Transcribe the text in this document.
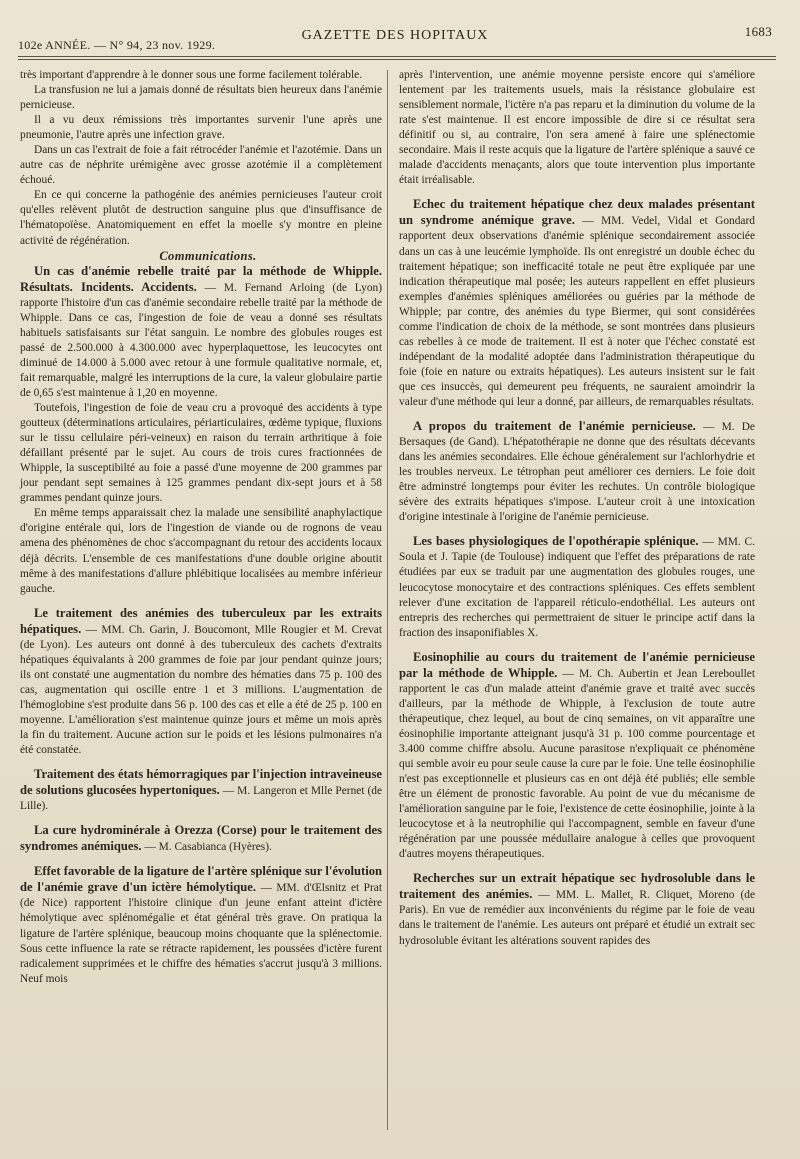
102e ANNÉE. — N° 94, 23 nov. 1929.
GAZETTE DES HOPITAUX	1683

très important d'apprendre à le donner sous une forme facilement tolérable.

La transfusion ne lui a jamais donné de résultats bien heureux dans l'anémie pernicieuse.

Il a vu deux rémissions très importantes survenir l'une après une pneumonie, l'autre après une infection grave.

Dans un cas l'extrait de foie a fait rétrocéder l'anémie et l'azotémie. Dans un autre cas de néphrite urémigène avec grosse azotémie il a complètement échoué.

En ce qui concerne la pathogénie des anémies pernicieuses l'auteur croit qu'elles relèvent plutôt de destruction sanguine plus que d'insuffisance de l'hématopoïèse. Anatomiquement en effet la moelle s'y montre en pleine activité de régénération.

Communications.

Un cas d'anémie rebelle traité par la méthode de Whipple. Résultats. Incidents. Accidents. — M. Fernand Arloing (de Lyon) rapporte l'histoire d'un cas d'anémie secondaire rebelle traité par la méthode de Whipple. Dans ce cas, l'ingestion de foie de veau a donné ses résultats habituels satisfaisants sur l'état sanguin. Le nombre des globules rouges est passé de 2.500.000 à 4.300.000 avec hyperplaquettose, les leucocytes ont diminué de 14.000 à 5.000 avec retour à une formule qualitative normale, et, fait remarquable, malgré les interruptions de la cure, la valeur globulaire partie de 0,65 s'est maintenue à 1,20 en moyenne.

Toutefois, l'ingestion de foie de veau cru a provoqué des accidents à type goutteux (déterminations articulaires, périarticulaires, œdème typique, fluxions sur le tissu cellulaire péri-veineux) en raison du terrain arthritique à foie défaillant présenté par le sujet. Au cours de trois cures fractionnées de Whipple, la susceptibilté au foie a passé d'une moyenne de 200 grammes par jour pendant sept semaines à 125 grammes pendant dix-sept jours et à 58 grammes pendant quinze jours.

En même temps apparaissait chez la malade une sensibilité anaphylactique d'origine entérale qui, lors de l'ingestion de viande ou de rognons de veau amena des phénomènes de choc s'accompagnant du retour des accidents locaux déjà décrits. L'ensemble de ces manifestations d'une double origine aboutit même à des manifestations d'allure phlébitique localisées au membre inférieur gauche.

Le traitement des anémies des tuberculeux par les extraits hépatiques. — MM. Ch. Garin, J. Boucomont, Mlle Rougier et M. Crevat (de Lyon). Les auteurs ont donné à des tuberculeux des cachets d'extraits hépatiques équivalants à 200 grammes de foie par jour pendant quinze jours; ils ont constaté une augmentation du nombre des hématies dans 75 p. 100 des cas, augmentation qui oscille entre 1 et 3 millions. L'augmentation de l'hémoglobine s'est produite dans 56 p. 100 des cas et elle a été de 25 p. 100 en moyenne. L'amélioration s'est maintenue quinze jours et même un mois après la fin du traitement. Aucune action sur le poids et les lésions pulmonaires n'a été constatée.

Traitement des états hémorragiques par l'injection intraveineuse de solutions glucosées hypertoniques. — M. Langeron et Mlle Pernet (de Lille).

La cure hydrominérale à Orezza (Corse) pour le traitement des syndromes anémiques. — M. Casabianca (Hyères).

Effet favorable de la ligature de l'artère splénique sur l'évolution de l'anémie grave d'un ictère hémolytique. — MM. d'Œlsnitz et Prat (de Nice) rapportent l'histoire clinique d'un jeune enfant atteint d'ictère hémolytique avec splénomégalie et état général très grave. On pratiqua la ligature de l'artère splénique, beaucoup moins choquante que la splénectomie. Sous cette influence la rate se rétracte rapidement, les poussées d'ictère furent radicalement supprimées et le chiffre des hématies s'accrut jusqu'à 3 millions. Neuf mois

après l'intervention, une anémie moyenne persiste encore qui s'améliore lentement par les traitements usuels, mais la résistance globulaire est sensiblement normale, l'ictère n'a pas reparu et la diminution du volume de la rate s'est maintenue. Il est encore impossible de dire si ce résultat sera définitif ou si, au contraire, l'on sera amené à faire une splénectomie secondaire. Mais il reste acquis que la ligature de l'artère splénique a sauvé ce malade d'accidents menaçants, alors que toute intervention plus importante était irréalisable.

Echec du traitement hépatique chez deux malades présentant un syndrome anémique grave. — MM. Vedel, Vidal et Gondard rapportent deux observations d'anémie splénique secondairement associée dans un cas à une leucémie lymphoïde. Ils ont enregistré un double échec du traitement hépatique; son inefficacité totale ne peut être expliquée par une indication thérapeutique mal posée; les auteurs rappellent en effet plusieurs exemples d'anémies spléniques améliorées ou guéries par la méthode de Whipple; par contre, des anémies du type Biermer, qui sont considérées comme l'indication de choix de la méthode, se sont montrées dans plusieurs cas rebelles à ce mode de traitement. Il est à noter que l'échec constaté est indépendant de la modalité adoptée dans l'administration thérapeutique du foie (foie en nature ou extraits hépatiques). Les auteurs insistent sur le fait que ces insuccès, qui demeurent peu fréquents, ne sauraient amoindrir la valeur d'une méthode qui leur a donné, par ailleurs, de remarquables résultats.

A propos du traitement de l'anémie pernicieuse. — M. De Bersaques (de Gand). L'hépatothérapie ne donne que des résultats décevants dans les anémies secondaires. Elle échoue généralement sur l'achlorhydrie et les troubles nerveux. Le tétrophan peut améliorer ces derniers. Le foie doit être adminstré longtemps pour éviter les rechutes. Un contrôle biologique sévère des extraits hépatiques s'impose. L'auteur croit à une intoxication d'origine intestinale à l'origine de l'anémie pernicieuse.

Les bases physiologiques de l'opothérapie splénique. — MM. C. Soula et J. Tapie (de Toulouse) indiquent que l'effet des préparations de rate étudiées par eux se traduit par une augmentation des globules rouges, une leucocytose monocytaire et des contractions spléniques. Ces effets semblent relever d'une excitation de l'appareil réticulo-endothélial. Les auteurs ont entrepris des recherches qui permettraient de situer le principe actif dans la fraction des insaponifiables X.

Eosinophilie au cours du traitement de l'anémie pernicieuse par la méthode de Whipple. — M. Ch. Aubertin et Jean Lereboullet rapportent le cas d'un malade atteint d'anémie grave et traité avec succès d'ailleurs, par la méthode de Whipple, à l'exclusion de toute autre thérapeutique, chez lequel, au bout de cinq semaines, on vit apparaître une éosinophilie importante atteignant jusqu'à 31 p. 100 comme pourcentage et 3.400 comme chiffre absolu. Aucune parasitose n'expliquait ce phénomène qui semble avoir eu pour seule cause la cure par le foie. Une telle éosinophilie n'est pas exceptionnelle et plusieurs cas en ont déjà été publiés; elle semble être un élément de pronostic favorable. Au point de vue du mécanisme de l'amélioration sanguine par le foie, l'existence de cette éosinophilie, jointe à la leucocytose et à la neutrophilie qui l'accompagnent, semble en faveur d'une régénération par une poussée médullaire analogue à celles que provoquent d'autres moyens thérapeutiques.

Recherches sur un extrait hépatique sec hydrosoluble dans le traitement des anémies. — MM. L. Mallet, R. Cliquet, Moreno (de Paris). En vue de remédier aux inconvénients du régime par le foie de veau dans le traitement de l'anémie. Les auteurs ont préparé et étudié un extrait sec hydrosoluble évitant les altérations souvent rapides des
